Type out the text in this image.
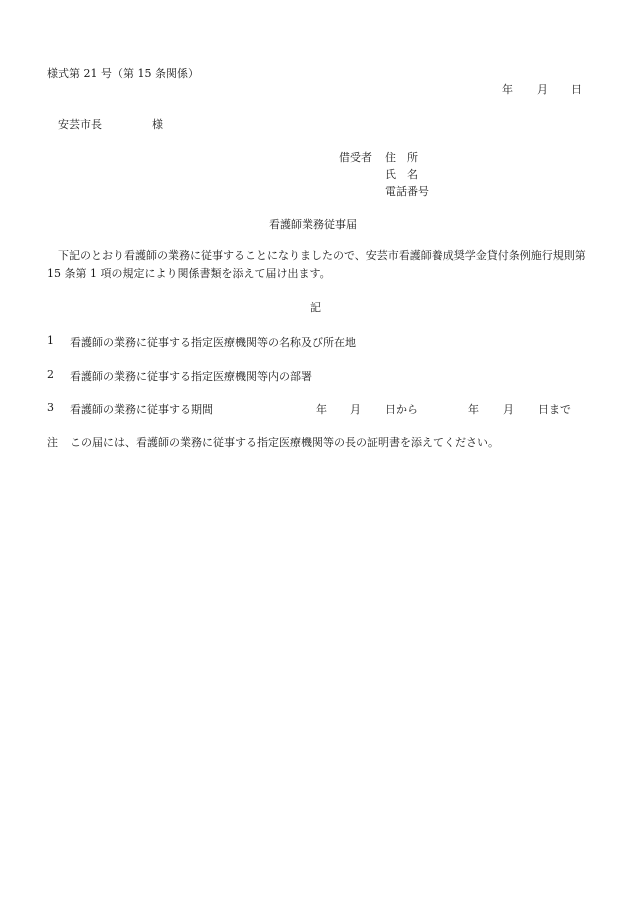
様式第 21 号（第 15 条関係）
年 月 日
安芸市長	様
借受者 住　所
氏　名
電話番号
看護師業務従事届

下記のとおり看護師の業務に従事することになりましたので、安芸市看護師養成奨学金貸付条例施行規則第 15 条第 1 項の規定により関係書類を添えて届け出ます。

記
1 看護師の業務に従事する指定医療機関等の名称及び所在地
2 看護師の業務に従事する指定医療機関等内の部署
3 看護師の業務に従事する期間	年 月 日から	年 月 日まで
注 この届には、看護師の業務に従事する指定医療機関等の長の証明書を添えてください。
